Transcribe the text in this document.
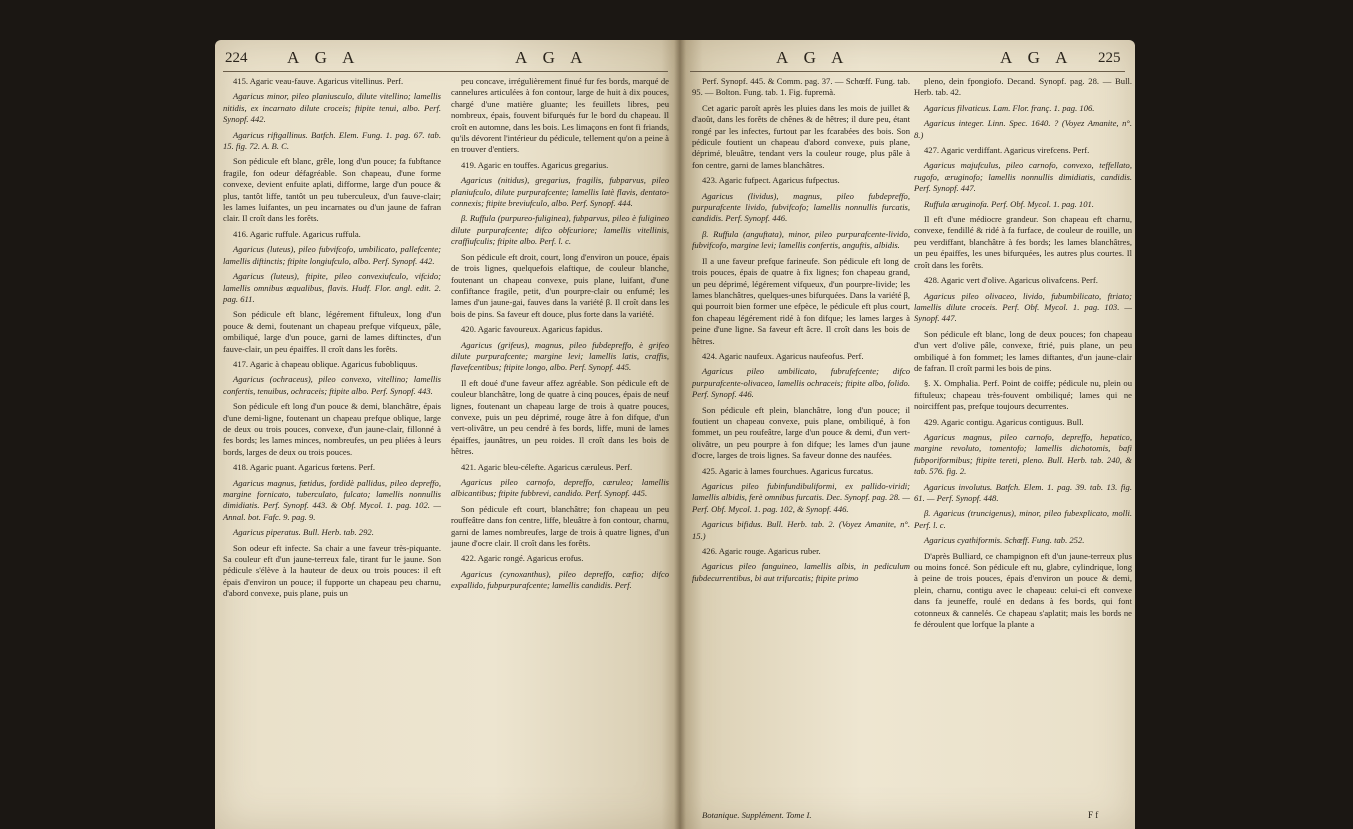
224 A G A	A G A

415. Agaric veau-fauve. Agaricus vitellinus. Perf.

Agaricus minor, pileo planiusculo, dilute vitellino; lamellis nitidis, ex incarnato dilute croceis; ftipite tenui, albo. Perf. Synopf. 442.

Agaricus riftgallinus. Batfch. Elem. Fung. 1. pag. 67. tab. 15. fig. 72. A. B. C.

Son pédicule eft blanc, grêle, long d'un pouce; fa fubftance fragile, fon odeur défagréable. Son chapeau, d'une forme convexe, devient enfuite aplati, difforme, large d'un pouce & plus, tantôt liffe, tantôt un peu tuberculeux, d'un fauve-clair; les lames luifantes, un peu incarnates ou d'un jaune de fafran clair. Il croît dans les forêts.

416. Agaric ruffule. Agaricus ruffula.

Agaricus (luteus), pileo fubvifcofo, umbilicato, pallefcente; lamellis diftinctis; ftipite longiufculo, albo. Perf. Synopf. 442.

Agaricus (luteus), ftipite, pileo convexiufculo, vifcido; lamellis omnibus æqualibus, flavis. Hudf. Flor. angl. edit. 2. pag. 611.

Son pédicule eft blanc, légérement fiftuleux, long d'un pouce & demi, foutenant un chapeau prefque vifqueux, pâle, ombiliqué, large d'un pouce, garni de lames diftinctes, d'un fauve-clair, un peu épaiffes. Il croît dans les forêts.

417. Agaric à chapeau oblique. Agaricus fubobliquus.

Agaricus (ochraceus), pileo convexo, vitellino; lamellis confertis, tenuibus, ochraceis; ftipite albo. Perf. Synopf. 443.

Son pédicule eft long d'un pouce & demi, blanchâtre, épais d'une demi-ligne, foutenant un chapeau prefque oblique, large de deux ou trois pouces, convexe, d'un jaune-clair, fillonné à fes bords; les lames minces, nombreufes, un peu pliées à leurs bords, larges de deux ou trois pouces.

418. Agaric puant. Agaricus fœtens. Perf.

Agaricus magnus, fœtidus, fordidè pallidus, pileo depreffo, margine fornicato, tuberculato, fulcato; lamellis nonnullis dimidiatis. Perf. Synopf. 443. & Obf. Mycol. 1. pag. 102. — Annal. bot. Fafc. 9. pag. 9.

Agaricus piperatus. Bull. Herb. tab. 292.

Son odeur eft infecte. Sa chair a une faveur très-piquante. Sa couleur eft d'un jaune-terreux fale, tirant fur le jaune. Son pédicule s'élève à la hauteur de deux ou trois pouces: il eft épais d'environ un pouce; il fupporte un chapeau peu charnu, d'abord convexe, puis plane, puis un

peu concave, irrégulièrement finué fur fes bords, marqué de cannelures articulées à fon contour, large de huit à dix pouces, chargé d'une matière gluante; les feuillets libres, peu nombreux, épais, fouvent bifurqués fur le bord du chapeau. Il croît en automne, dans les bois. Les limaçons en font fi friands, qu'ils dévorent l'intérieur du pédicule, tellement qu'on a peine à en trouver d'entiers.

419. Agaric en touffes. Agaricus gregarius.

Agaricus (nitidus), gregarius, fragilis, fubparvus, pileo planiufculo, dilute purpurafcente; lamellis latè flavis, dentato-connexis; ftipite breviufculo, albo. Perf. Synopf. 444.

β. Ruffula (purpureo-fuliginea), fubparvus, pileo è fuligineo dilute purpurafcente; difco obfcuriore; lamellis vitellinis, craffiufculis; ftipite albo. Perf. l. c.

Son pédicule eft droit, court, long d'environ un pouce, épais de trois lignes, quelquefois elaftique, de couleur blanche, foutenant un chapeau convexe, puis plane, luifant, d'une confiftance fragile, petit, d'un pourpre-clair ou enfumé; les lames d'un jaune-gai, fauves dans la variété β. Il croît dans les bois de pins. Sa faveur eft douce, plus forte dans la variété.

420. Agaric favoureux. Agaricus fapidus.

Agaricus (grifeus), magnus, pileo fubdepreffo, è grifeo dilute purpurafcente; margine levi; lamellis latis, craffis, flavefcentibus; ftipite longo, albo. Perf. Synopf. 445.

Il eft doué d'une faveur affez agréable. Son pédicule eft de couleur blanchâtre, long de quatre à cinq pouces, épais de neuf lignes, foutenant un chapeau large de trois à quatre pouces, convexe, puis un peu déprimé, rouge âtre à fon difque, d'un vert-olivâtre, un peu cendré à fes bords, liffe, muni de lames épaiffes, jaunâtres, un peu roides. Il croît dans les bois de hêtres.

421. Agaric bleu-célefte. Agaricus cæruleus. Perf.

Agaricus pileo carnofo, depreffo, cæruleo; lamellis albicantibus; ftipite fubbrevi, candido. Perf. Synopf. 445.

Son pédicule eft court, blanchâtre; fon chapeau un peu rouffeâtre dans fon centre, liffe, bleuâtre à fon contour, charnu, garni de lames nombreufes, large de trois à quatre lignes, d'un jaune d'ocre clair. Il croît dans les forêts.

422. Agaric rongé. Agaricus erofus.

Agaricus (cynoxanthus), pileo depreffo, cæfio; difco expallido, fubpurpurafcente; lamellis candidis. Perf.

A G A	A G A 225

Perf. Synopf. 445. & Comm. pag. 37. — Schœff. Fung. tab. 95. — Bolton. Fung. tab. 1. Fig. fupremà.

Cet agaric paroît après les pluies dans les mois de juillet & d'août, dans les forêts de chênes & de hêtres; il dure peu, étant rongé par les infectes, furtout par les fcarabées des bois. Son pédicule foutient un chapeau d'abord convexe, puis plane, déprimé, bleuâtre, tendant vers la couleur rouge, plus pâle à fon centre, garni de lames blanchâtres.

423. Agaric fufpect. Agaricus fufpectus.

Agaricus (lividus), magnus, pileo fubdepreffo, purpurafcente livido, fubvifcofo; lamellis nonnullis furcatis, candidis. Perf. Synopf. 446.

β. Ruffula (anguftata), minor, pileo purpurafcente-livido, fubvifcofo, margine levi; lamellis confertis, anguftis, albidis.

Il a une faveur prefque farineufe. Son pédicule eft long de trois pouces, épais de quatre à fix lignes; fon chapeau grand, un peu déprimé, légérement vifqueux, d'un pourpre-livide; les lames blanchâtres, quelques-unes bifurquées. Dans la variété β, qui pourroit bien former une efpèce, le pédicule eft plus court, fon chapeau légérement ridé à fon difque; les lames larges à peine d'une ligne. Sa faveur eft âcre. Il croît dans les bois de hêtres.

424. Agaric naufeux. Agaricus naufeofus. Perf.

Agaricus pileo umbilicato, fubrufefcente; difco purpurafcente-olivaceo, lamellis ochraceis; ftipite albo, folido. Perf. Synopf. 446.

Son pédicule eft plein, blanchâtre, long d'un pouce; il foutient un chapeau convexe, puis plane, ombiliqué, à fon fommet, un peu roufeâtre, large d'un pouce & demi, d'un vert-olivâtre, un peu pourpre à fon difque; les lames d'un jaune d'ocre, larges de trois lignes. Sa faveur donne des naufées.

425. Agaric à lames fourchues. Agaricus furcatus.

Agaricus pileo fubinfundibuliformi, ex pallido-viridi; lamellis albidis, ferè omnibus furcatis. Dec. Synopf. pag. 28. — Perf. Obf. Mycol. 1. pag. 102, & Synopf. 446.

Agaricus bifidus. Bull. Herb. tab. 2. (Voyez Amanite, n°. 15.)

426. Agaric rouge. Agaricus ruber.

Agaricus pileo fanguineo, lamellis albis, in pediculum fubdecurrentibus, bi aut trifurcatis; ftipite primo

pleno, dein fpongiofo. Decand. Synopf. pag. 28. — Bull. Herb. tab. 42.

Agaricus filvaticus. Lam. Flor. franç. 1. pag. 106.

Agaricus integer. Linn. Spec. 1640. ? (Voyez Amanite, n°. 8.)

427. Agaric verdiffant. Agaricus virefcens. Perf.

Agaricus majufculus, pileo carnofo, convexo, teffellato, rugofo, æruginofo; lamellis nonnullis dimidiatis, candidis. Perf. Synopf. 447.

Ruffula æruginofa. Perf. Obf. Mycol. 1. pag. 101.

Il eft d'une médiocre grandeur. Son chapeau eft charnu, convexe, fendillé & ridé à fa furface, de couleur de rouille, un peu verdiffant, blanchâtre à fes bords; les lames blanchâtres, un peu épaiffes, les unes bifurquées, les autres plus courtes. Il croît dans les forêts.

428. Agaric vert d'olive. Agaricus olivafcens. Perf.

Agaricus pileo olivaceo, livido, fubumbilicato, ftriato; lamellis dilute croceis. Perf. Obf. Mycol. 1. pag. 103. — Synopf. 447.

Son pédicule eft blanc, long de deux pouces; fon chapeau d'un vert d'olive pâle, convexe, ftrié, puis plane, un peu ombiliqué à fon fommet; les lames diftantes, d'un jaune-clair de fafran. Il croît parmi les bois de pins.

§. X. Omphalia. Perf. Point de coiffe; pédicule nu, plein ou fiftuleux; chapeau très-fouvent ombiliqué; lames qui ne noirciffent pas, prefque toujours decurrentes.

429. Agaric contigu. Agaricus contiguus. Bull.

Agaricus magnus, pileo carnofo, depreffo, hepatico, margine revoluto, tomentofo; lamellis dichotomis, bafi fubporiformibus; ftipite tereti, pleno. Bull. Herb. tab. 240, & tab. 576. fig. 2.

Agaricus involutus. Batfch. Elem. 1. pag. 39. tab. 13. fig. 61. — Perf. Synopf. 448.

β. Agaricus (truncigenus), minor, pileo fubexplicato, molli. Perf. l. c.

Agaricus cyathiformis. Schœff. Fung. tab. 252.

D'après Bulliard, ce champignon eft d'un jaune-terreux plus ou moins foncé. Son pédicule eft nu, glabre, cylindrique, long à peine de trois pouces, épais d'environ un pouce & demi, plein, charnu, contigu avec le chapeau: celui-ci eft convexe dans fa jeuneffe, roulé en dedans à fes bords, qui font cotonneux & cannelés. Ce chapeau s'aplatit; mais les bords ne fe déroulent que lorfque la plante a

Botanique. Supplément. Tome I.	F f
